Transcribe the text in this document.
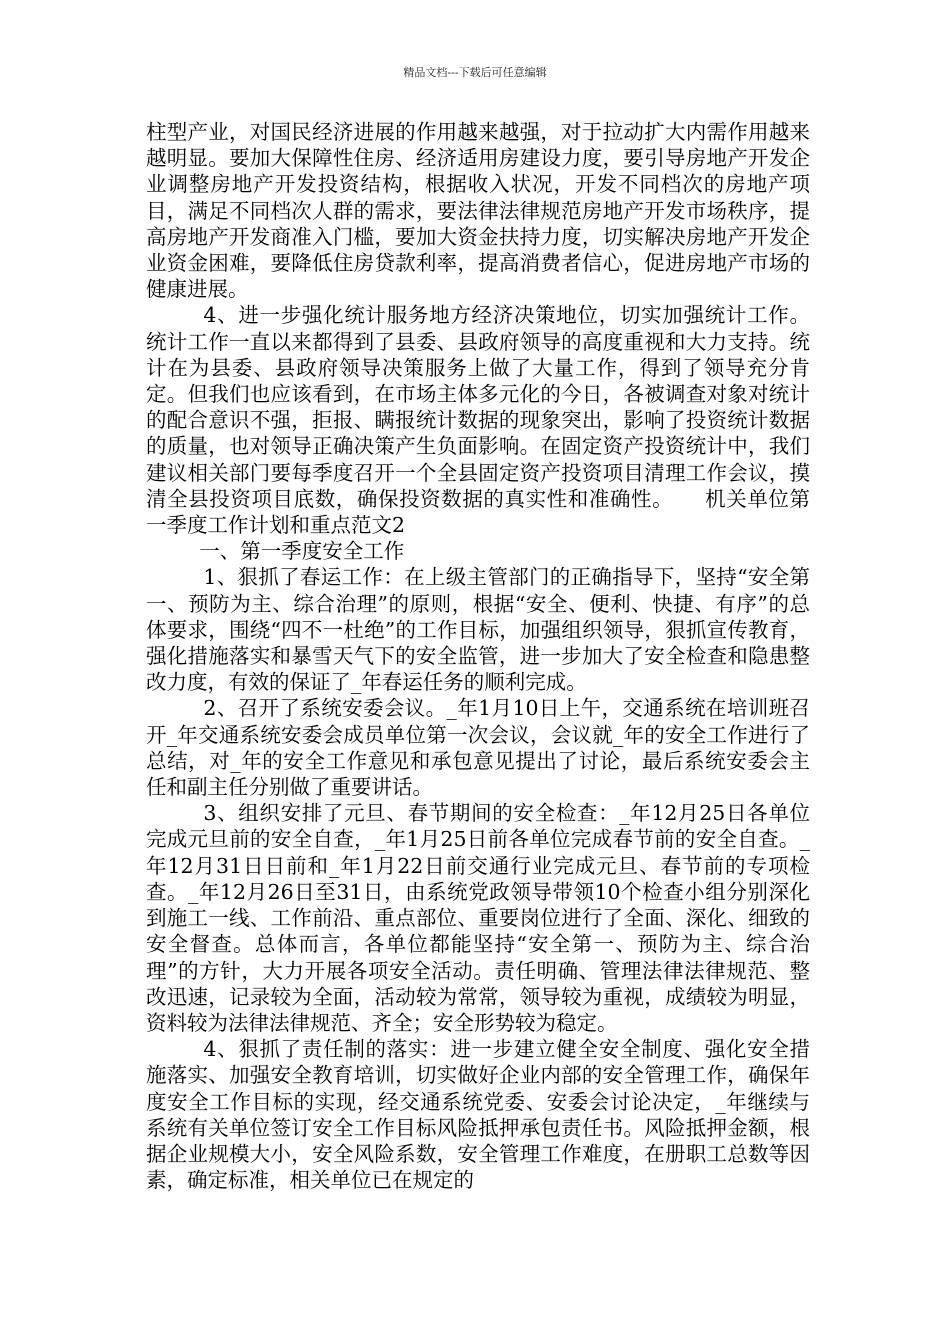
精品文档---下载后可任意编辑

柱型产业，对国民经济进展的作用越来越强，对于拉动扩大内需作用越来越明显。要加大保障性住房、经济适用房建设力度，要引导房地产开发企业调整房地产开发投资结构，根据收入状况，开发不同档次的房地产项目，满足不同档次人群的需求，要法律法律规范房地产开发市场秩序，提高房地产开发商准入门槛，要加大资金扶持力度，切实解决房地产开发企业资金困难，要降低住房贷款利率，提高消费者信心，促进房地产市场的健康进展。

4、进一步强化统计服务地方经济决策地位，切实加强统计工作。统计工作一直以来都得到了县委、县政府领导的高度重视和大力支持。统计在为县委、县政府领导决策服务上做了大量工作，得到了领导充分肯定。但我们也应该看到，在市场主体多元化的今日，各被调查对象对统计的配合意识不强，拒报、瞒报统计数据的现象突出，影响了投资统计数据的质量，也对领导正确决策产生负面影响。在固定资产投资统计中，我们建议相关部门要每季度召开一个全县固定资产投资项目清理工作会议，摸清全县投资项目底数，确保投资数据的真实性和准确性。　　机关单位第一季度工作计划和重点范文2

一、第一季度安全工作

1、狠抓了春运工作：在上级主管部门的正确指导下，坚持“安全第一、预防为主、综合治理”的原则，根据“安全、便利、快捷、有序”的总体要求，围绕“四不一杜绝”的工作目标，加强组织领导，狠抓宣传教育，强化措施落实和暴雪天气下的安全监管，进一步加大了安全检查和隐患整改力度，有效的保证了_年春运任务的顺利完成。

2、召开了系统安委会议。_年1月10日上午，交通系统在培训班召开_年交通系统安委会成员单位第一次会议，会议就_年的安全工作进行了总结，对_年的安全工作意见和承包意见提出了讨论，最后系统安委会主任和副主任分别做了重要讲话。

3、组织安排了元旦、春节期间的安全检查：_年12月25日各单位完成元旦前的安全自查，_年1月25日前各单位完成春节前的安全自查。_年12月31日日前和_年1月22日前交通行业完成元旦、春节前的专项检查。_年12月26日至31日，由系统党政领导带领10个检查小组分别深化到施工一线、工作前沿、重点部位、重要岗位进行了全面、深化、细致的安全督查。总体而言，各单位都能坚持“安全第一、预防为主、综合治理”的方针，大力开展各项安全活动。责任明确、管理法律法律规范、整改迅速，记录较为全面，活动较为常常，领导较为重视，成绩较为明显，资料较为法律法律规范、齐全；安全形势较为稳定。

4、狠抓了责任制的落实：进一步建立健全安全制度、强化安全措施落实、加强安全教育培训，切实做好企业内部的安全管理工作，确保年度安全工作目标的实现，经交通系统党委、安委会讨论决定，_年继续与系统有关单位签订安全工作目标风险抵押承包责任书。风险抵押金额，根据企业规模大小，安全风险系数，安全管理工作难度，在册职工总数等因素，确定标准，相关单位已在规定的
